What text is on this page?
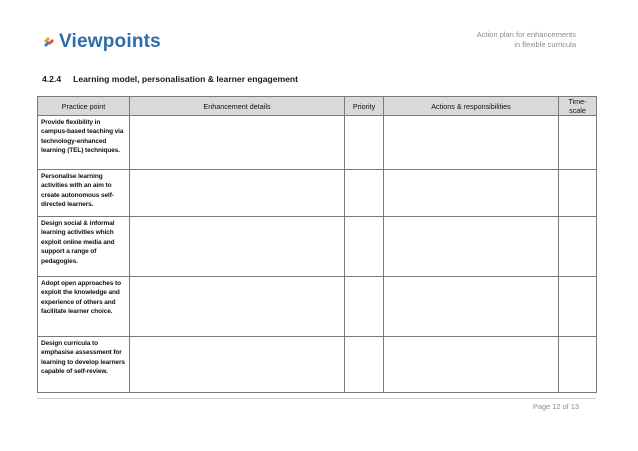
Viewpoints	Action plan for enhancements
in flexible curricula
4.2.4 Learning model, personalisation & learner engagement
Practice point	Enhancement details	Priority	Actions & responsibilities	Time-scale
Provide flexibility in campus-based teaching via technology-enhanced learning (TEL) techniques.				
Personalise learning activities with an aim to create autonomous self-directed learners.				
Design social & informal learning activities which exploit online media and support a range of pedagogies.				
Adopt open approaches to exploit the knowledge and experience of others and facilitate learner choice.				
Design curricula to emphasise assessment for learning to develop learners capable of self-review.				
Page 12 of 13
